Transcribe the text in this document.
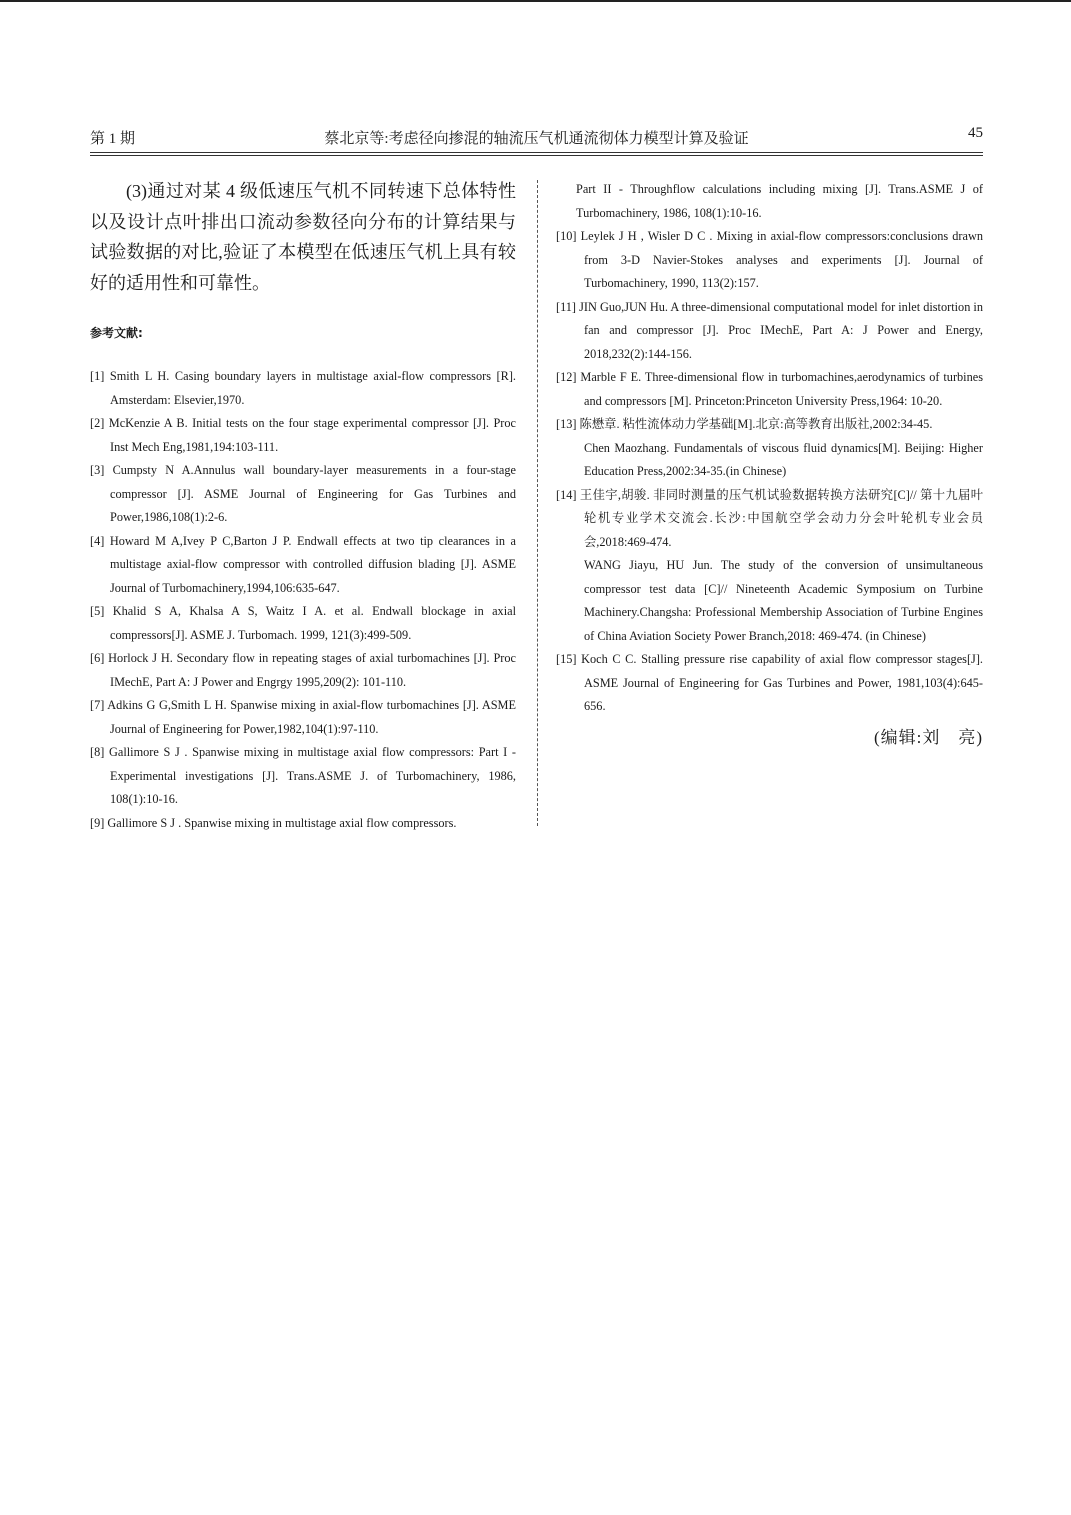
第 1 期	蔡北京等:考虑径向掺混的轴流压气机通流彻体力模型计算及验证	45

(3)通过对某 4 级低速压气机不同转速下总体特性以及设计点叶排出口流动参数径向分布的计算结果与试验数据的对比,验证了本模型在低速压气机上具有较好的适用性和可靠性。

参考文献:

[1] Smith L H. Casing boundary layers in multistage axial-flow compressors [R]. Amsterdam: Elsevier,1970.

[2] McKenzie A B. Initial tests on the four stage experimental compressor [J]. Proc Inst Mech Eng,1981,194:103-111.

[3] Cumpsty N A.Annulus wall boundary-layer measurements in a four-stage compressor [J]. ASME Journal of Engineering for Gas Turbines and Power,1986,108(1):2-6.

[4] Howard M A,Ivey P C,Barton J P. Endwall effects at two tip clearances in a multistage axial-flow compressor with controlled diffusion blading [J]. ASME Journal of Turbomachinery,1994,106:635-647.

[5] Khalid S A, Khalsa A S, Waitz I A. et al. Endwall blockage in axial compressors[J]. ASME J. Turbomach. 1999, 121(3):499-509.

[6] Horlock J H. Secondary flow in repeating stages of axial turbomachines [J]. Proc IMechE, Part A: J Power and Engrgy 1995,209(2): 101-110.

[7] Adkins G G,Smith L H. Spanwise mixing in axial-flow turbomachines [J]. ASME Journal of Engineering for Power,1982,104(1):97-110.

[8] Gallimore S J . Spanwise mixing in multistage axial flow compressors: Part I -Experimental investigations [J]. Trans.ASME J. of Turbomachinery, 1986, 108(1):10-16.

[9] Gallimore S J . Spanwise mixing in multistage axial flow compressors.

Part II - Throughflow calculations including mixing [J]. Trans.ASME J of Turbomachinery, 1986, 108(1):10-16.

[10] Leylek J H , Wisler D C . Mixing in axial-flow compressors:conclusions drawn from 3-D Navier-Stokes analyses and experiments [J]. Journal of Turbomachinery, 1990, 113(2):157.

[11] JIN Guo,JUN Hu. A three-dimensional computational model for inlet distortion in fan and compressor [J]. Proc IMechE, Part A: J Power and Energy, 2018,232(2):144-156.

[12] Marble F E. Three-dimensional flow in turbomachines,aerodynamics of turbines and compressors [M]. Princeton:Princeton University Press,1964: 10-20.

[13] 陈懋章. 粘性流体动力学基础[M].北京:高等教育出版社,2002:34-45.

Chen Maozhang. Fundamentals of viscous fluid dynamics[M]. Beijing: Higher Education Press,2002:34-35.(in Chinese)

[14] 王佳宇,胡骏. 非同时测量的压气机试验数据转换方法研究[C]// 第十九届叶轮机专业学术交流会.长沙:中国航空学会动力分会叶轮机专业会员会,2018:469-474.

WANG Jiayu, HU Jun. The study of the conversion of unsimultaneous compressor test data [C]// Nineteenth Academic Symposium on Turbine Machinery.Changsha: Professional Membership Association of Turbine Engines of China Aviation Society Power Branch,2018: 469-474. (in Chinese)

[15] Koch C C. Stalling pressure rise capability of axial flow compressor stages[J]. ASME Journal of Engineering for Gas Turbines and Power, 1981,103(4):645-656.

(编辑:刘　亮)
